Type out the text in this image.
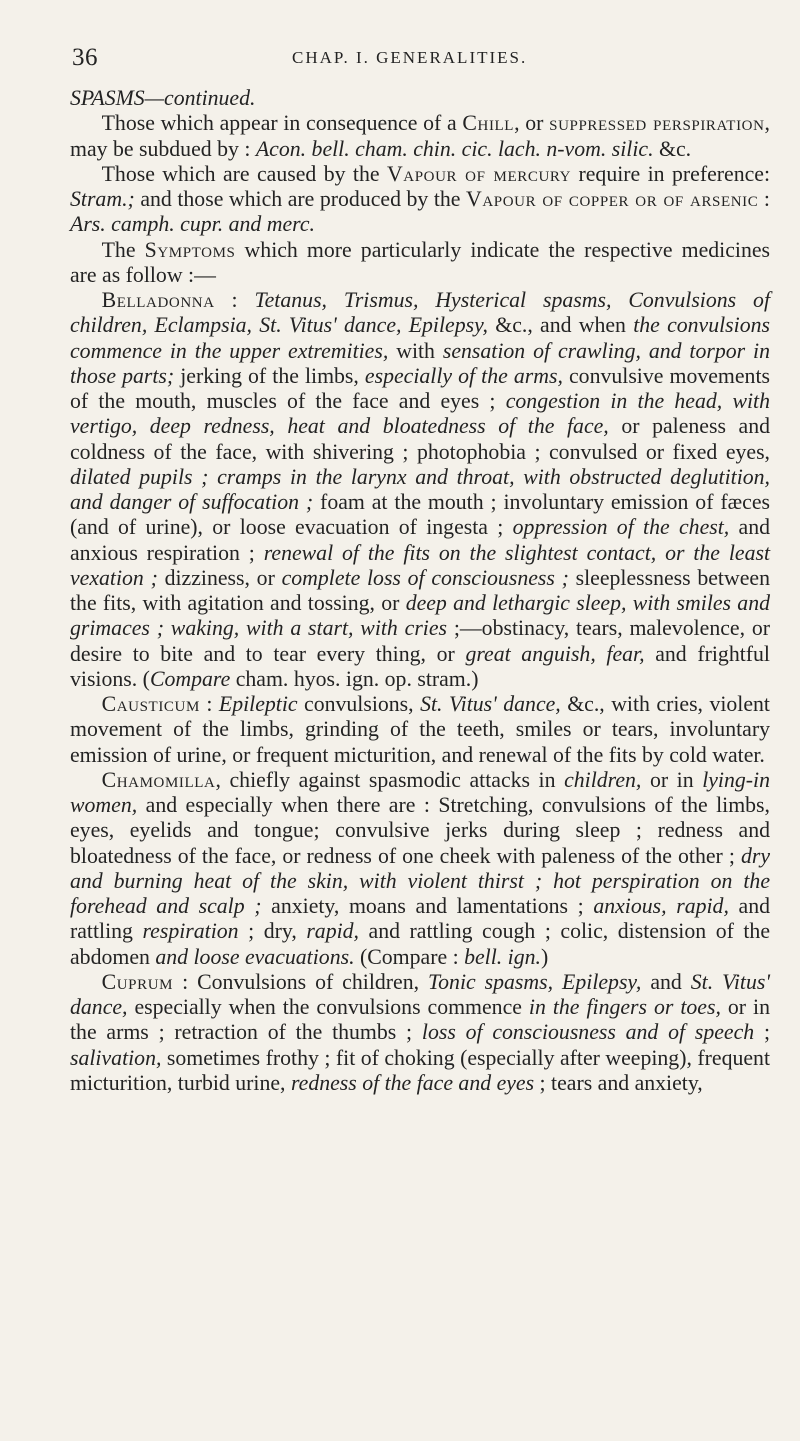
36	CHAP. I. GENERALITIES.

SPASMS—continued.

Those which appear in consequence of a Chill, or suppressed perspiration, may be subdued by : Acon. bell. cham. chin. cic. lach. n-vom. silic. &c.

Those which are caused by the Vapour of mercury require in preference: Stram.; and those which are produced by the Vapour of copper or of arsenic : Ars. camph. cupr. and merc.

The Symptoms which more particularly indicate the respective medicines are as follow :—

Belladonna : Tetanus, Trismus, Hysterical spasms, Convulsions of children, Eclampsia, St. Vitus' dance, Epilepsy, &c., and when the convulsions commence in the upper extremities, with sensation of crawling, and torpor in those parts; jerking of the limbs, especially of the arms, convulsive movements of the mouth, muscles of the face and eyes ; congestion in the head, with vertigo, deep redness, heat and bloatedness of the face, or paleness and coldness of the face, with shivering ; photophobia ; convulsed or fixed eyes, dilated pupils ; cramps in the larynx and throat, with obstructed deglutition, and danger of suffocation ; foam at the mouth ; involuntary emission of fæces (and of urine), or loose evacuation of ingesta ; oppression of the chest, and anxious respiration ; renewal of the fits on the slightest contact, or the least vexation ; dizziness, or complete loss of consciousness ; sleeplessness between the fits, with agitation and tossing, or deep and lethargic sleep, with smiles and grimaces ; waking, with a start, with cries ;—obstinacy, tears, malevolence, or desire to bite and to tear every thing, or great anguish, fear, and frightful visions. (Compare cham. hyos. ign. op. stram.)

Causticum : Epileptic convulsions, St. Vitus' dance, &c., with cries, violent movement of the limbs, grinding of the teeth, smiles or tears, involuntary emission of urine, or frequent micturition, and renewal of the fits by cold water.

Chamomilla, chiefly against spasmodic attacks in children, or in lying-in women, and especially when there are : Stretching, convulsions of the limbs, eyes, eyelids and tongue; convulsive jerks during sleep ; redness and bloatedness of the face, or redness of one cheek with paleness of the other ; dry and burning heat of the skin, with violent thirst ; hot perspiration on the forehead and scalp ; anxiety, moans and lamentations ; anxious, rapid, and rattling respiration ; dry, rapid, and rattling cough ; colic, distension of the abdomen and loose evacuations. (Compare : bell. ign.)

Cuprum : Convulsions of children, Tonic spasms, Epilepsy, and St. Vitus' dance, especially when the convulsions commence in the fingers or toes, or in the arms ; retraction of the thumbs ; loss of consciousness and of speech ; salivation, sometimes frothy ; fit of choking (especially after weeping), frequent micturition, turbid urine, redness of the face and eyes ; tears and anxiety,
